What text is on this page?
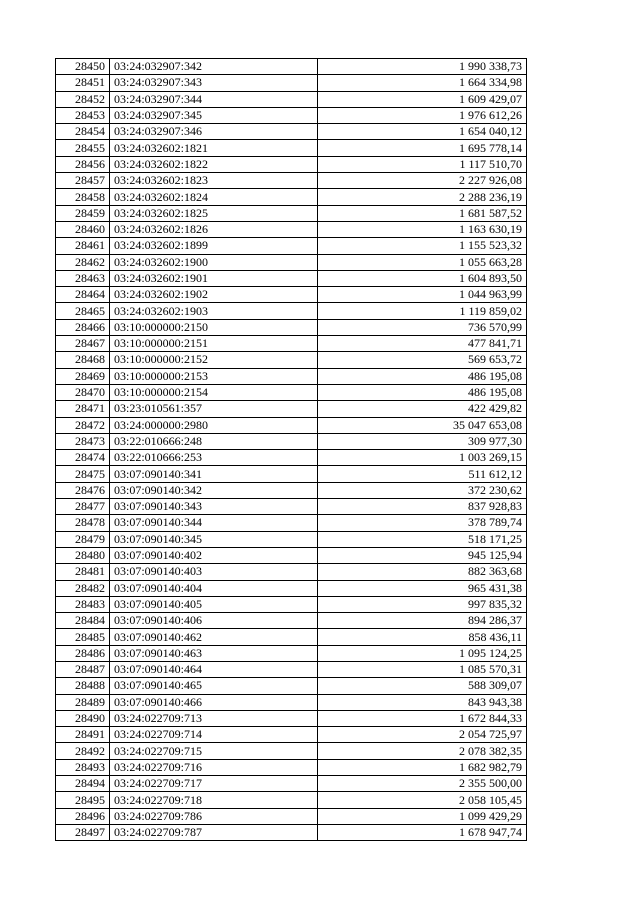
28450	03:24:032907:342	1 990 338,73
28451	03:24:032907:343	1 664 334,98
28452	03:24:032907:344	1 609 429,07
28453	03:24:032907:345	1 976 612,26
28454	03:24:032907:346	1 654 040,12
28455	03:24:032602:1821	1 695 778,14
28456	03:24:032602:1822	1 117 510,70
28457	03:24:032602:1823	2 227 926,08
28458	03:24:032602:1824	2 288 236,19
28459	03:24:032602:1825	1 681 587,52
28460	03:24:032602:1826	1 163 630,19
28461	03:24:032602:1899	1 155 523,32
28462	03:24:032602:1900	1 055 663,28
28463	03:24:032602:1901	1 604 893,50
28464	03:24:032602:1902	1 044 963,99
28465	03:24:032602:1903	1 119 859,02
28466	03:10:000000:2150	736 570,99
28467	03:10:000000:2151	477 841,71
28468	03:10:000000:2152	569 653,72
28469	03:10:000000:2153	486 195,08
28470	03:10:000000:2154	486 195,08
28471	03:23:010561:357	422 429,82
28472	03:24:000000:2980	35 047 653,08
28473	03:22:010666:248	309 977,30
28474	03:22:010666:253	1 003 269,15
28475	03:07:090140:341	511 612,12
28476	03:07:090140:342	372 230,62
28477	03:07:090140:343	837 928,83
28478	03:07:090140:344	378 789,74
28479	03:07:090140:345	518 171,25
28480	03:07:090140:402	945 125,94
28481	03:07:090140:403	882 363,68
28482	03:07:090140:404	965 431,38
28483	03:07:090140:405	997 835,32
28484	03:07:090140:406	894 286,37
28485	03:07:090140:462	858 436,11
28486	03:07:090140:463	1 095 124,25
28487	03:07:090140:464	1 085 570,31
28488	03:07:090140:465	588 309,07
28489	03:07:090140:466	843 943,38
28490	03:24:022709:713	1 672 844,33
28491	03:24:022709:714	2 054 725,97
28492	03:24:022709:715	2 078 382,35
28493	03:24:022709:716	1 682 982,79
28494	03:24:022709:717	2 355 500,00
28495	03:24:022709:718	2 058 105,45
28496	03:24:022709:786	1 099 429,29
28497	03:24:022709:787	1 678 947,74
